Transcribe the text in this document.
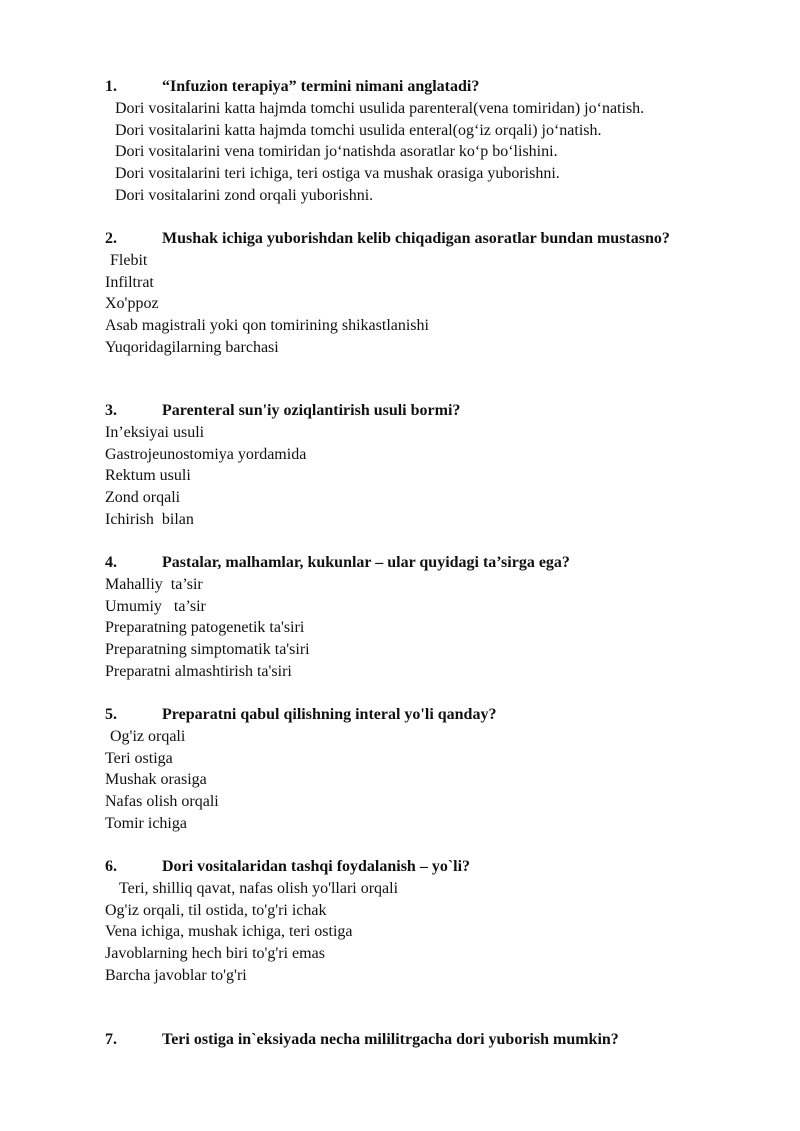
1.	“Infuzion terapiya” termini nimani anglatadi?
Dori vositalarini katta hajmda tomchi usulida parenteral(vena tomiridan) jo‘natish.
Dori vositalarini katta hajmda tomchi usulida enteral(og‘iz orqali) jo‘natish.
Dori vositalarini vena tomiridan jo‘natishda asoratlar ko‘p bo‘lishini.
Dori vositalarini teri ichiga, teri ostiga va mushak orasiga yuborishni.
Dori vositalarini zond orqali yuborishni.
2.	Mushak ichiga yuborishdan kelib chiqadigan asoratlar bundan mustasno?
Flebit
Infiltrat
Xo'ppoz
Asab magistrali yoki qon tomirining shikastlanishi
Yuqoridagilarning barchasi
3.	Parenteral sun'iy oziqlantirish usuli bormi?
In’eksiyai usuli
Gastrojeunostomiya yordamida
Rektum usuli
Zond orqali
Ichirish  bilan
4.	Pastalar, malhamlar, kukunlar – ular quyidagi ta’sirga ega?
Mahalliy  ta’sir
Umumiy   ta’sir
Preparatning patogenetik ta'siri
Preparatning simptomatik ta'siri
Preparatni almashtirish ta'siri
5.	Preparatni qabul qilishning interal yo'li qanday?
Og'iz orqali
Teri ostiga
Mushak orasiga
Nafas olish orqali
Tomir ichiga
6.	Dori vositalaridan tashqi foydalanish – yo`li?
Teri, shilliq qavat, nafas olish yo'llari orqali
Og'iz orqali, til ostida, to'g'ri ichak
Vena ichiga, mushak ichiga, teri ostiga
Javoblarning hech biri to'g'ri emas
Barcha javoblar to'g'ri
7.	Teri ostiga in`eksiyada necha mililitrgacha dori yuborish mumkin?
